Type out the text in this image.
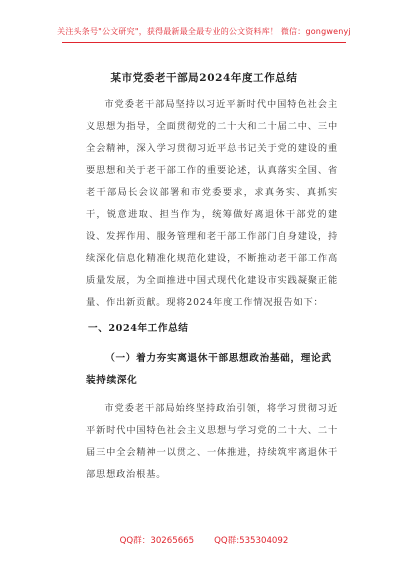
关注头条号"公文研究"，获得最新最全最专业的公文资料库！ 微信：gongwenyj
某市党委老干部局2024年度工作总结
市党委老干部局坚持以习近平新时代中国特色社会主义思想为指导，全面贯彻党的二十大和二十届二中、三中全会精神，深入学习贯彻习近平总书记关于党的建设的重要思想和关于老干部工作的重要论述，认真落实全国、省老干部局长会议部署和市党委要求，求真务实、真抓实干，锐意进取、担当作为，统筹做好离退休干部党的建设、发挥作用、服务管理和老干部工作部门自身建设，持续深化信息化精准化规范化建设，不断推动老干部工作高质量发展，为全面推进中国式现代化建设市实践凝聚正能量、作出新贡献。现将2024年度工作情况报告如下：
一、2024年工作总结
（一）着力夯实离退休干部思想政治基础，理论武装持续深化
市党委老干部局始终坚持政治引领，将学习贯彻习近平新时代中国特色社会主义思想与学习党的二十大、二十届三中全会精神一以贯之、一体推进，持续筑牢离退休干部思想政治根基。
QQ群：30265665 QQ群:535304092
